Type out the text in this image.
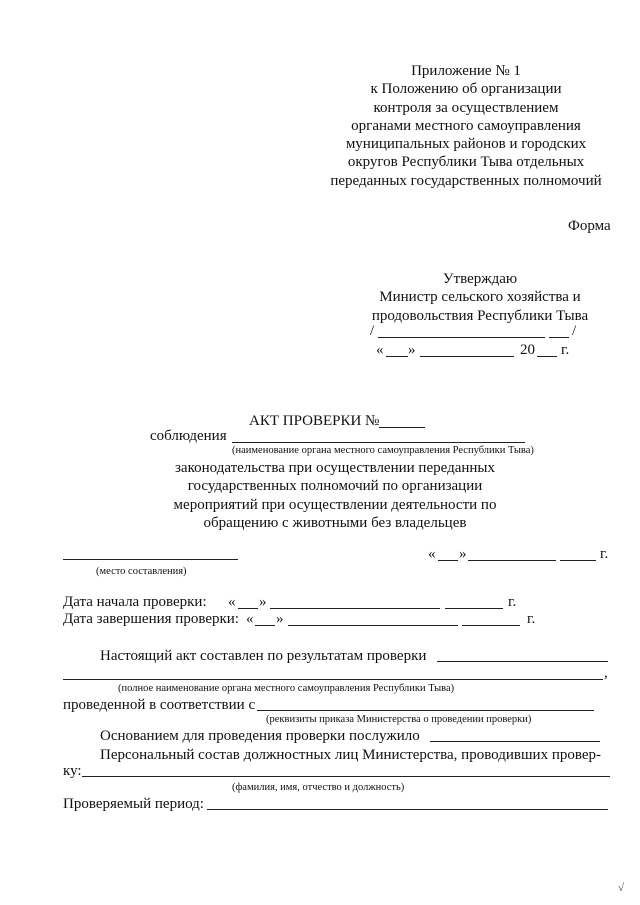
Приложение № 1
к Положению об организации
контроля за осуществлением
органами местного самоуправления
муниципальных районов и городских
округов Республики Тыва отдельных
переданных государственных полномочий
Форма
Утверждаю
Министр сельского хозяйства и
продовольствия Республики Тыва
/	/
« »	20 г.
АКТ ПРОВЕРКИ №
соблюдения
(наименование органа местного самоуправления Республики Тыва)
законодательства при осуществлении переданных
государственных полномочий по организации
мероприятий при осуществлении деятельности по
обращению с животными без владельцев
(место составления)
« »	г.
Дата начала проверки: « »	г.
Дата завершения проверки: « »	г.
Настоящий акт составлен по результатам проверки
,
(полное наименование органа местного самоуправления Республики Тыва)
проведенной в соответствии с
(реквизиты приказа Министерства о проведении проверки)
Основанием для проведения проверки послужило
Персональный состав должностных лиц Министерства, проводивших провер-
ку:
(фамилия, имя, отчество и должность)
Проверяемый период:
√
